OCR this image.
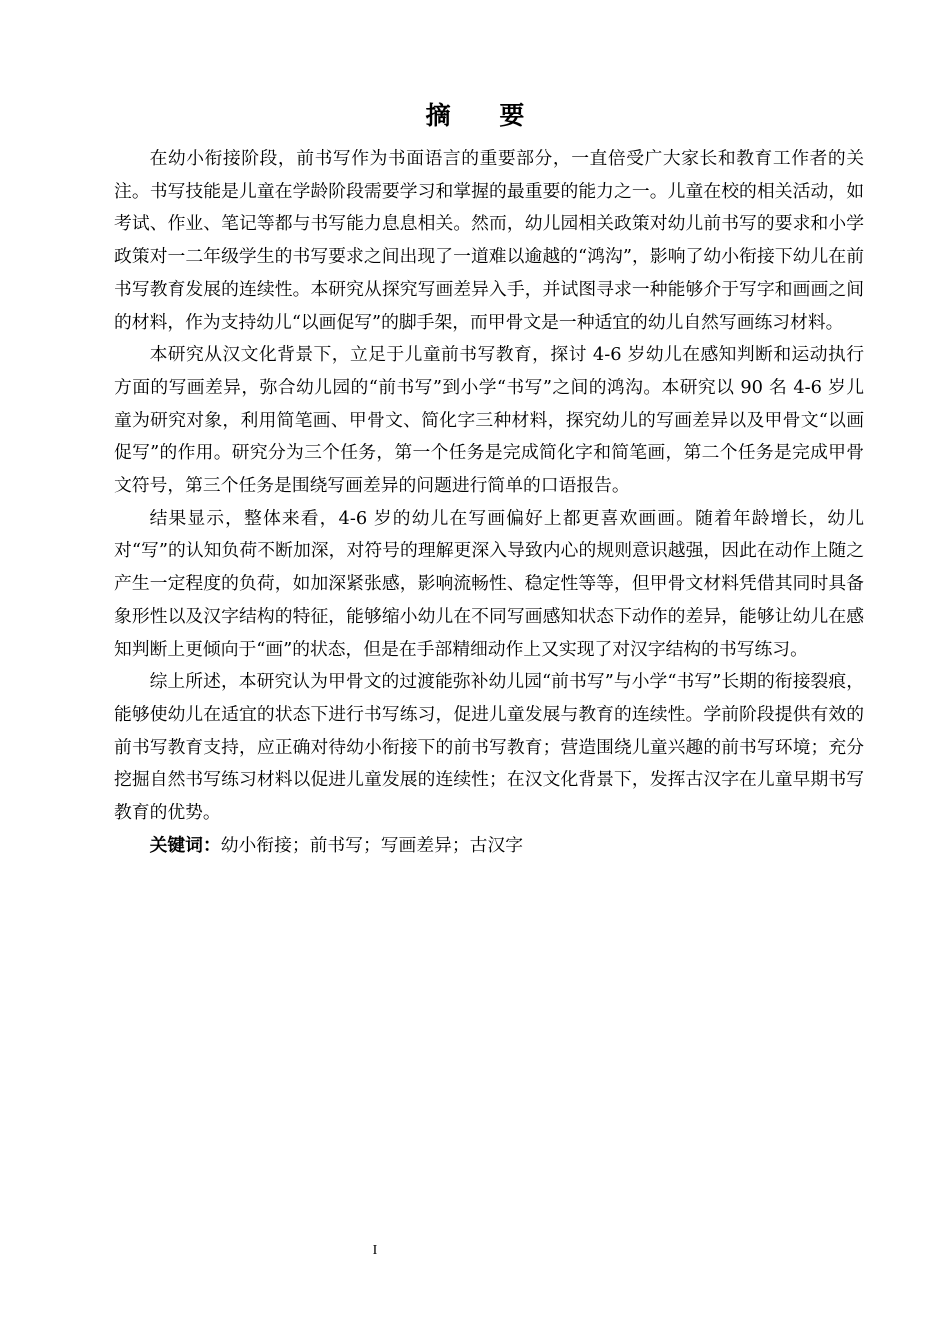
摘 要

在幼小衔接阶段，前书写作为书面语言的重要部分，一直倍受广大家长和教育工作者的关注。书写技能是儿童在学龄阶段需要学习和掌握的最重要的能力之一。儿童在校的相关活动，如考试、作业、笔记等都与书写能力息息相关。然而，幼儿园相关政策对幼儿前书写的要求和小学政策对一二年级学生的书写要求之间出现了一道难以逾越的“鸿沟”，影响了幼小衔接下幼儿在前书写教育发展的连续性。本研究从探究写画差异入手，并试图寻求一种能够介于写字和画画之间的材料，作为支持幼儿“以画促写”的脚手架，而甲骨文是一种适宜的幼儿自然写画练习材料。

本研究从汉文化背景下，立足于儿童前书写教育，探讨 4-6 岁幼儿在感知判断和运动执行方面的写画差异，弥合幼儿园的“前书写”到小学“书写”之间的鸿沟。本研究以 90 名 4-6 岁儿童为研究对象，利用简笔画、甲骨文、简化字三种材料，探究幼儿的写画差异以及甲骨文“以画促写”的作用。研究分为三个任务，第一个任务是完成简化字和简笔画，第二个任务是完成甲骨文符号，第三个任务是围绕写画差异的问题进行简单的口语报告。

结果显示，整体来看，4-6 岁的幼儿在写画偏好上都更喜欢画画。随着年龄增长，幼儿对“写”的认知负荷不断加深，对符号的理解更深入导致内心的规则意识越强，因此在动作上随之产生一定程度的负荷，如加深紧张感，影响流畅性、稳定性等等，但甲骨文材料凭借其同时具备象形性以及汉字结构的特征，能够缩小幼儿在不同写画感知状态下动作的差异，能够让幼儿在感知判断上更倾向于“画”的状态，但是在手部精细动作上又实现了对汉字结构的书写练习。

综上所述，本研究认为甲骨文的过渡能弥补幼儿园“前书写”与小学“书写”长期的衔接裂痕，能够使幼儿在适宜的状态下进行书写练习，促进儿童发展与教育的连续性。学前阶段提供有效的前书写教育支持，应正确对待幼小衔接下的前书写教育；营造围绕儿童兴趣的前书写环境；充分挖掘自然书写练习材料以促进儿童发展的连续性；在汉文化背景下，发挥古汉字在儿童早期书写教育的优势。

关键词：幼小衔接；前书写；写画差异；古汉字

I
